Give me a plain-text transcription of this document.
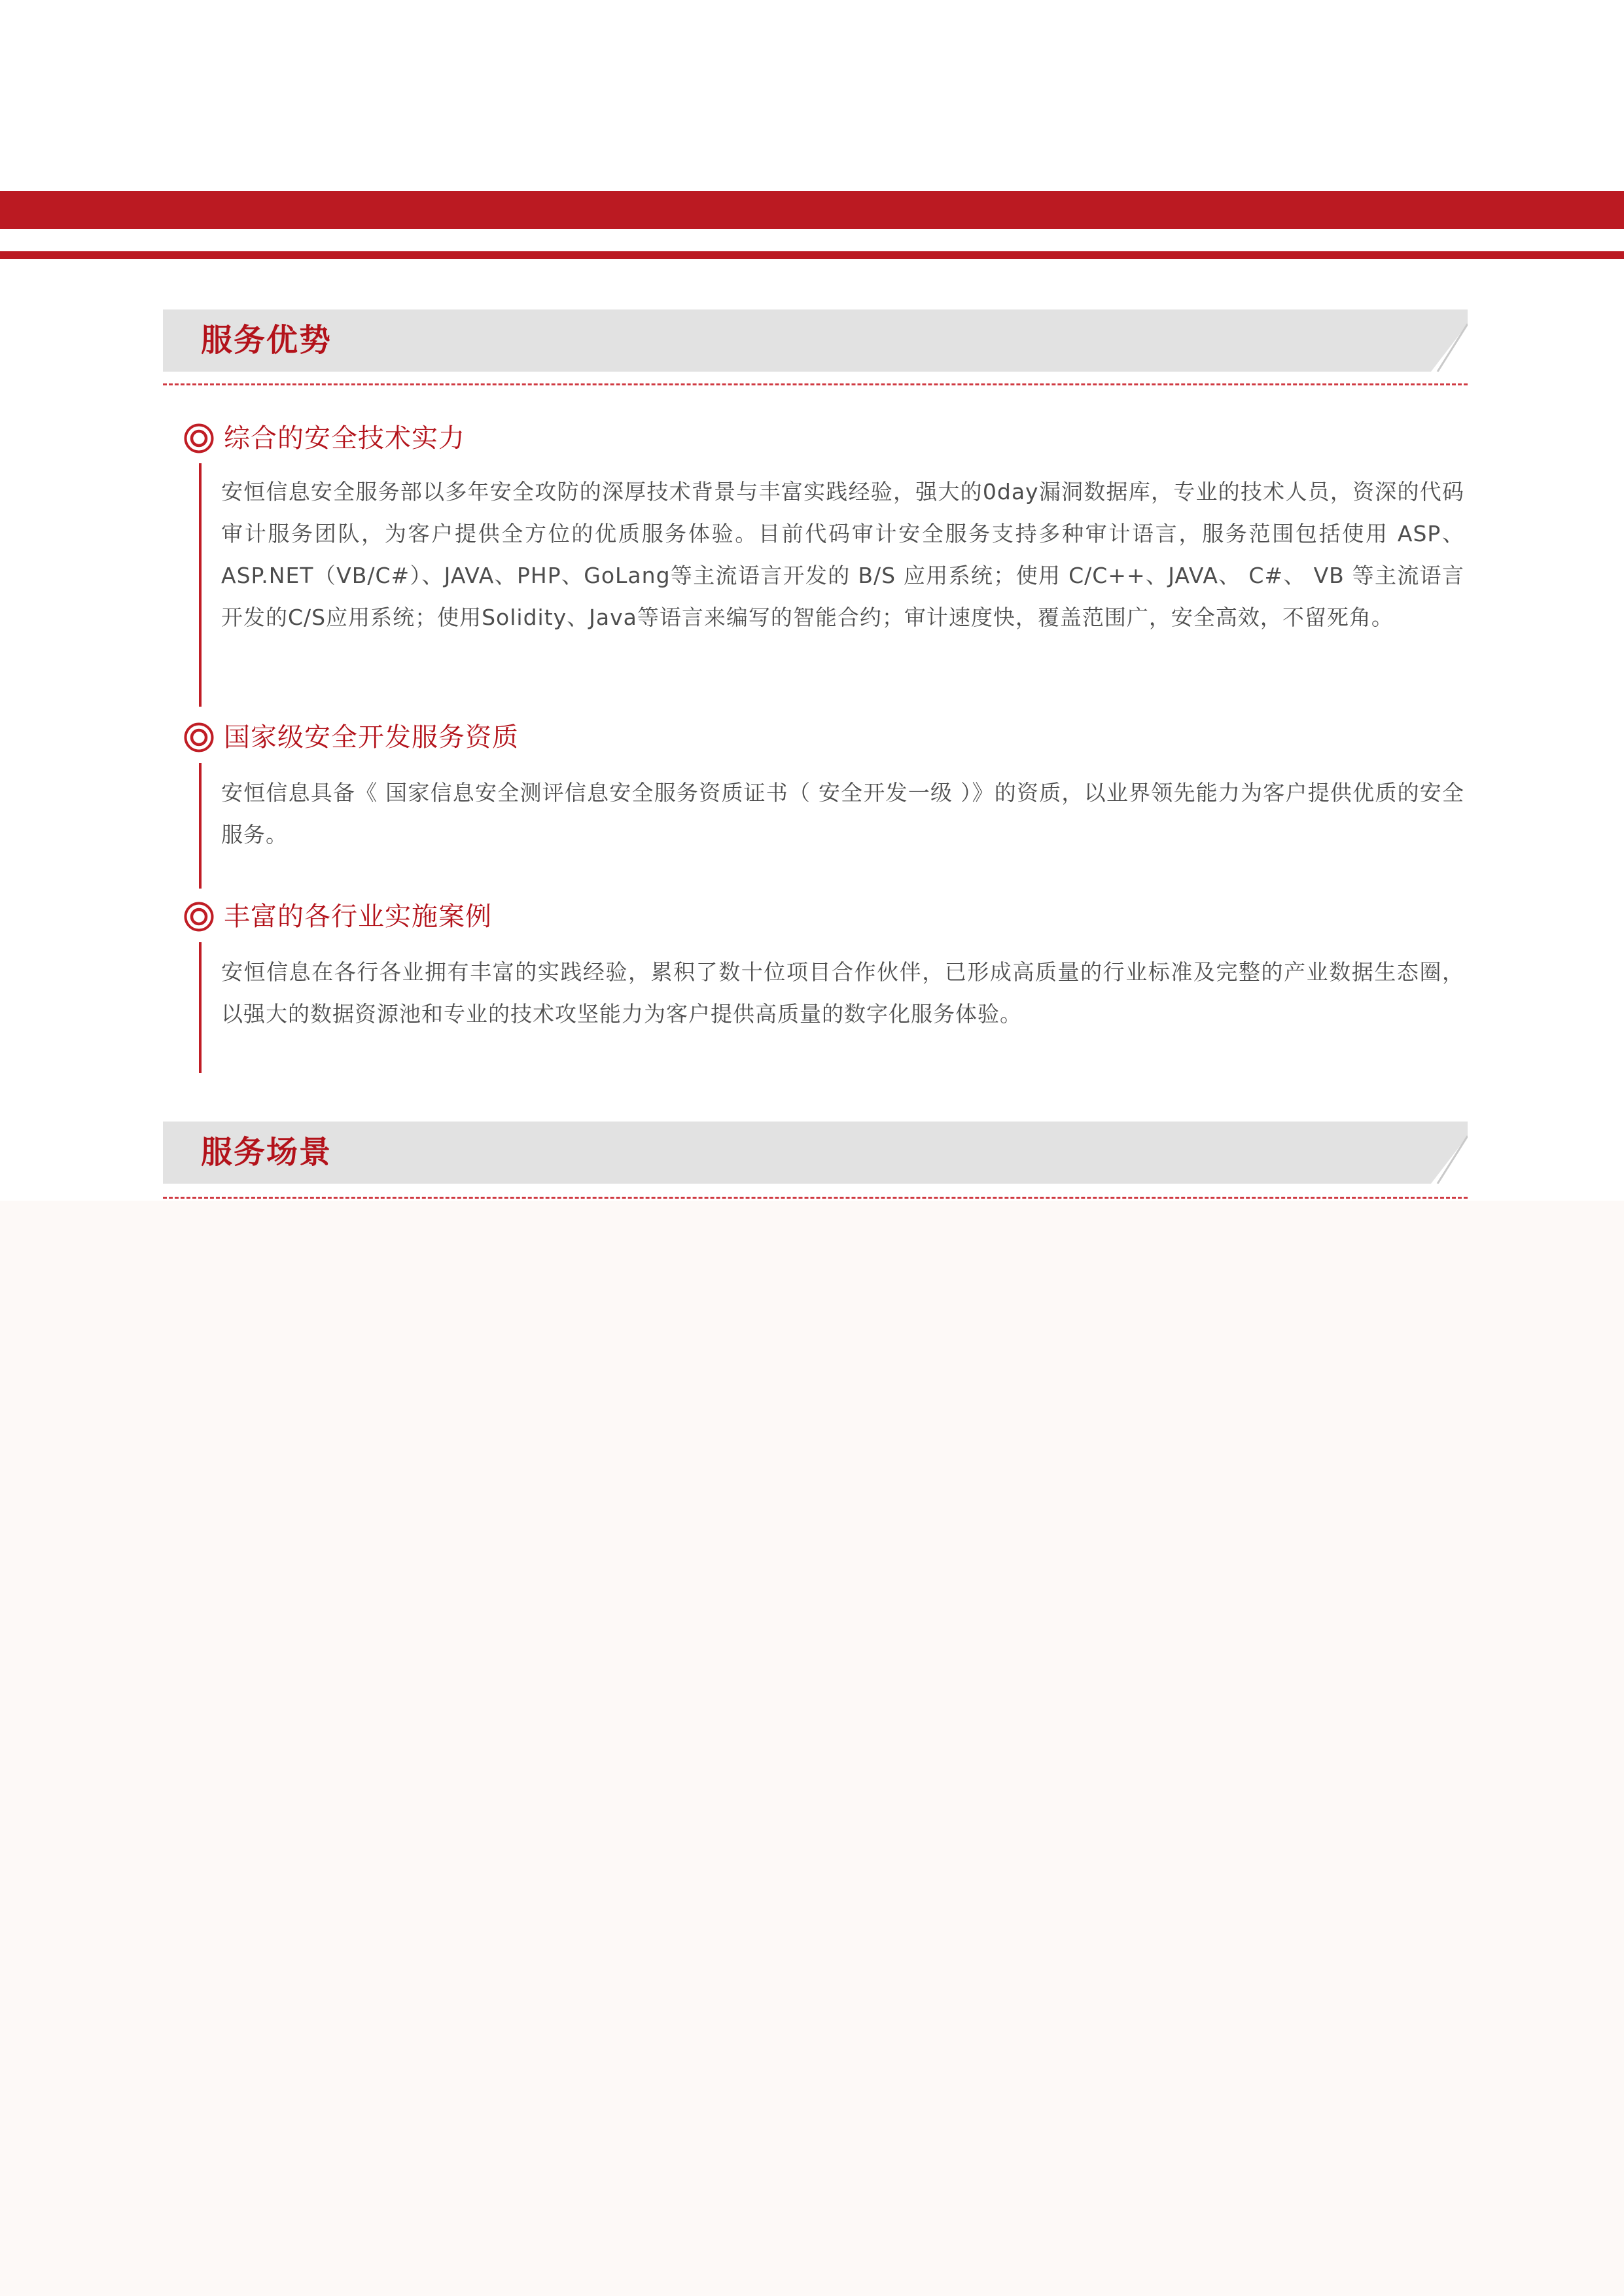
服务优势
综合的安全技术实力
安恒信息安全服务部以多年安全攻防的深厚技术背景与丰富实践经验，强大的0day漏洞数据库，专业的技术人员，资深的代码审计服务团队，为客户提供全方位的优质服务体验。目前代码审计安全服务支持多种审计语言，服务范围包括使用 ASP、ASP.NET（VB/C#）、JAVA、PHP、GoLang等主流语言开发的 B/S 应用系统；使用 C/C++、JAVA、 C#、 VB 等主流语言开发的C/S应用系统；使用Solidity、Java等语言来编写的智能合约；审计速度快，覆盖范围广，安全高效，不留死角。
国家级安全开发服务资质
安恒信息具备《 国家信息安全测评信息安全服务资质证书（ 安全开发一级 ）》的资质，以业界领先能力为客户提供优质的安全服务。
丰富的各行业实施案例
安恒信息在各行各业拥有丰富的实践经验，累积了数十位项目合作伙伴，已形成高质量的行业标准及完整的产业数据生态圈，以强大的数据资源池和专业的技术攻坚能力为客户提供高质量的数字化服务体验。
服务场景
